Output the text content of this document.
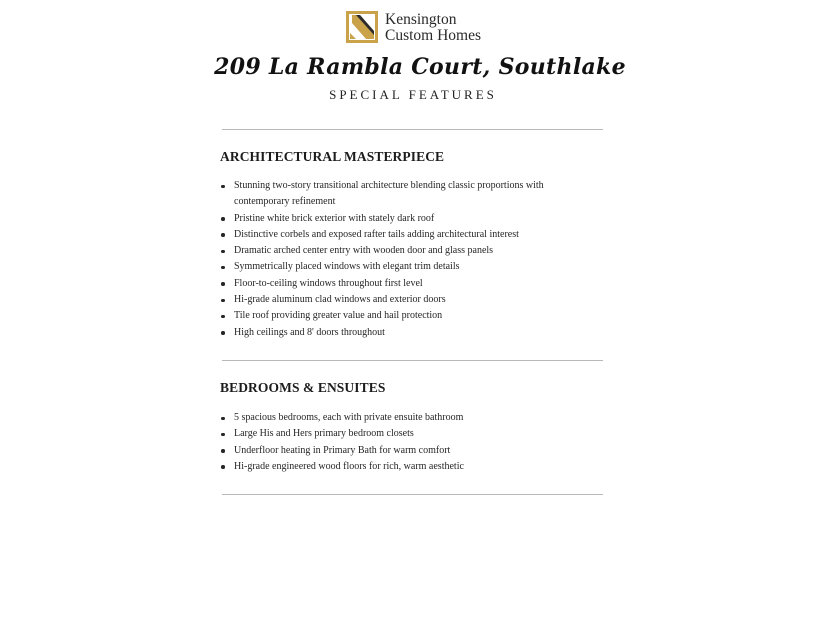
Kensington
Custom Homes
209 La Rambla Court, Southlake
SPECIAL FEATURES
ARCHITECTURAL MASTERPIECE
Stunning two-story transitional architecture blending classic proportions with contemporary refinement
Pristine white brick exterior with stately dark roof
Distinctive corbels and exposed rafter tails adding architectural interest
Dramatic arched center entry with wooden door and glass panels
Symmetrically placed windows with elegant trim details
Floor-to-ceiling windows throughout first level
Hi-grade aluminum clad windows and exterior doors
Tile roof providing greater value and hail protection
High ceilings and 8' doors throughout
BEDROOMS & ENSUITES
5 spacious bedrooms, each with private ensuite bathroom
Large His and Hers primary bedroom closets
Underfloor heating in Primary Bath for warm comfort
Hi-grade engineered wood floors for rich, warm aesthetic
